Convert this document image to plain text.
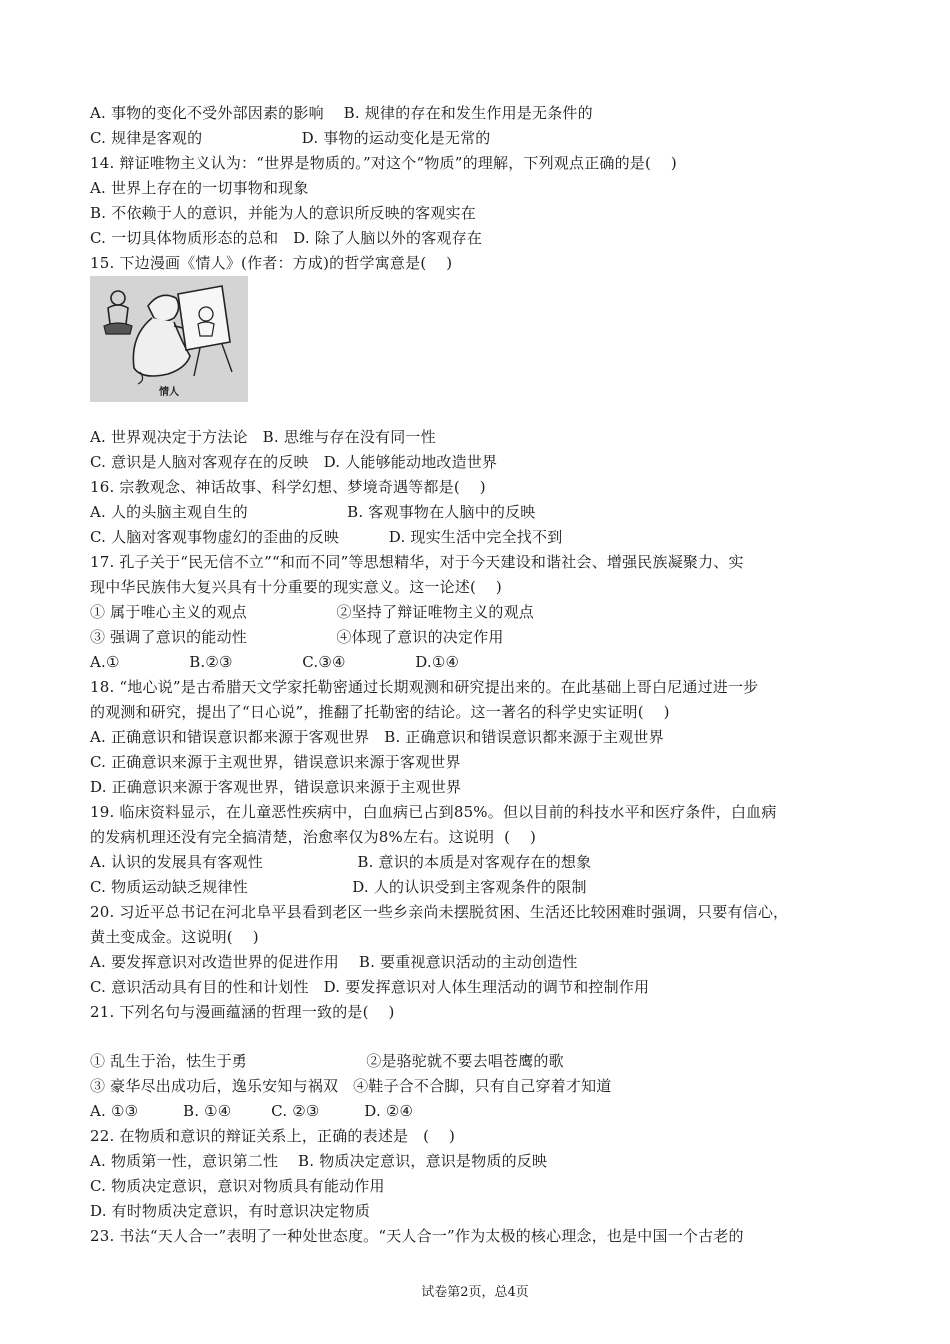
A. 事物的变化不受外部因素的影响    B. 规律的存在和发生作用是无条件的
C. 规律是客观的                    D. 事物的运动变化是无常的
14. 辩证唯物主义认为：“世界是物质的。”对这个“物质”的理解，下列观点正确的是(    )
A. 世界上存在的一切事物和现象
B. 不依赖于人的意识，并能为人的意识所反映的客观实在
C. 一切具体物质形态的总和   D. 除了人脑以外的客观存在
15. 下边漫画《情人》(作者：方成)的哲学寓意是(    )
情人
A. 世界观决定于方法论   B. 思维与存在没有同一性
C. 意识是人脑对客观存在的反映   D. 人能够能动地改造世界
16. 宗教观念、神话故事、科学幻想、梦境奇遇等都是(    )
A. 人的头脑主观自生的                    B. 客观事物在人脑中的反映
C. 人脑对客观事物虚幻的歪曲的反映          D. 现实生活中完全找不到
17. 孔子关于“民无信不立”“和而不同”等思想精华，对于今天建设和谐社会、增强民族凝聚力、实
现中华民族伟大复兴具有十分重要的现实意义。这一论述(    )
① 属于唯心主义的观点                  ②坚持了辩证唯物主义的观点
③ 强调了意识的能动性                  ④体现了意识的决定作用
A.①              B.②③              C.③④              D.①④
18. “地心说”是古希腊天文学家托勒密通过长期观测和研究提出来的。在此基础上哥白尼通过进一步
的观测和研究，提出了“日心说”，推翻了托勒密的结论。这一著名的科学史实证明(    )
A. 正确意识和错误意识都来源于客观世界   B. 正确意识和错误意识都来源于主观世界
C. 正确意识来源于主观世界，错误意识来源于客观世界
D. 正确意识来源于客观世界，错误意识来源于主观世界
19. 临床资料显示，在儿童恶性疾病中，白血病已占到85%。但以目前的科技水平和医疗条件，白血病
的发病机理还没有完全搞清楚，治愈率仅为8%左右。这说明  (    )
A. 认识的发展具有客观性                   B. 意识的本质是对客观存在的想象
C. 物质运动缺乏规律性                     D. 人的认识受到主客观条件的限制
20. 习近平总书记在河北阜平县看到老区一些乡亲尚未摆脱贫困、生活还比较困难时强调，只要有信心，
黄土变成金。这说明(    )
A. 要发挥意识对改造世界的促进作用    B. 要重视意识活动的主动创造性
C. 意识活动具有目的性和计划性   D. 要发挥意识对人体生理活动的调节和控制作用
21. 下列名句与漫画蕴涵的哲理一致的是(    )
① 乱生于治，怯生于勇                        ②是骆驼就不要去唱苍鹰的歌
③ 豪华尽出成功后，逸乐安知与祸双   ④鞋子合不合脚，只有自己穿着才知道
A. ①③         B. ①④        C. ②③         D. ②④
22. 在物质和意识的辩证关系上，正确的表述是   (    )
A. 物质第一性，意识第二性    B. 物质决定意识，意识是物质的反映
C. 物质决定意识，意识对物质具有能动作用
D. 有时物质决定意识，有时意识决定物质
23. 书法“天人合一”表明了一种处世态度。“天人合一”作为太极的核心理念，也是中国一个古老的
试卷第2页，总4页
